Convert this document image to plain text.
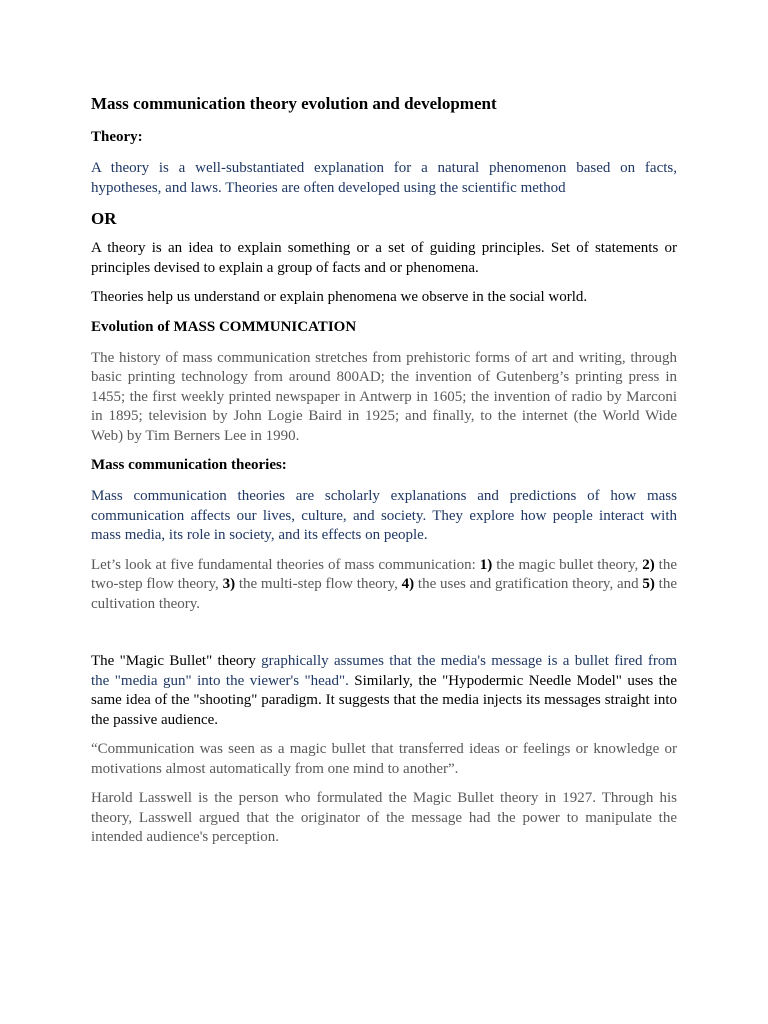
Mass communication theory evolution and development
Theory:

A theory is a well-substantiated explanation for a natural phenomenon based on facts, hypotheses, and laws. Theories are often developed using the scientific method

OR

A theory is an idea to explain something or a set of guiding principles. Set of statements or principles devised to explain a group of facts and or phenomena.

Theories help us understand or explain phenomena we observe in the social world.

Evolution of MASS COMMUNICATION

The history of mass communication stretches from prehistoric forms of art and writing, through basic printing technology from around 800AD; the invention of Gutenberg’s printing press in 1455; the first weekly printed newspaper in Antwerp in 1605; the invention of radio by Marconi in 1895; television by John Logie Baird in 1925; and finally, to the internet (the World Wide Web) by Tim Berners Lee in 1990.

Mass communication theories:

Mass communication theories are scholarly explanations and predictions of how mass communication affects our lives, culture, and society. They explore how people interact with mass media, its role in society, and its effects on people.

Let’s look at five fundamental theories of mass communication: 1) the magic bullet theory, 2) the two-step flow theory, 3) the multi-step flow theory, 4) the uses and gratification theory, and 5) the cultivation theory.

The "Magic Bullet" theory graphically assumes that the media's message is a bullet fired from the "media gun" into the viewer's "head". Similarly, the "Hypodermic Needle Model" uses the same idea of the "shooting" paradigm. It suggests that the media injects its messages straight into the passive audience.

“Communication was seen as a magic bullet that transferred ideas or feelings or knowledge or motivations almost automatically from one mind to another”.

Harold Lasswell is the person who formulated the Magic Bullet theory in 1927. Through his theory, Lasswell argued that the originator of the message had the power to manipulate the intended audience's perception.
